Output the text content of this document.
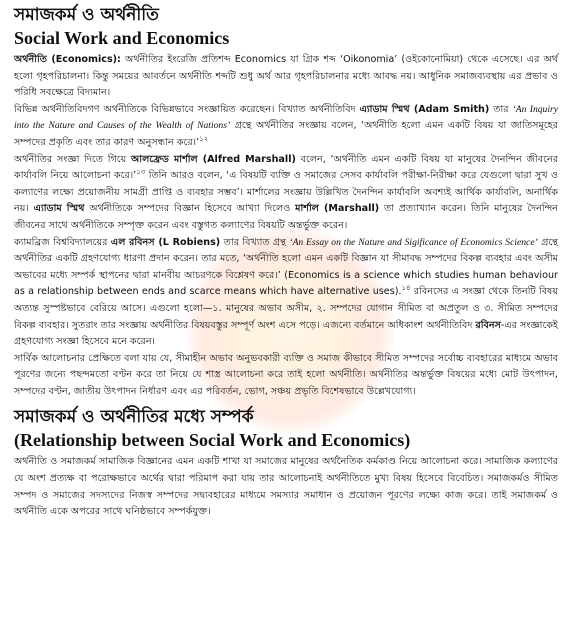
সমাজকর্ম ও অর্থনীতি
Social Work and Economics

অর্থনীতি (Economics): অর্থনীতির ইংরেজি প্রতিশব্দ Economics যা গ্রিক শব্দ ‘Oikonomia’ (ওইকোনোমিয়া) থেকে এসেছে। এর অর্থ হলো গৃহপরিচালনা। কিন্তু সময়ের আবর্তনে অর্থনীতি শব্দটি শুধু অর্থ আর গৃহপরিচালনার মধ্যে আবদ্ধ নয়। আধুনিক সমাজব্যবস্থায় এর প্রভাব ও পরিধি সবক্ষেত্রে বিদ্যমান।

বিভিন্ন অর্থনীতিবিদগণ অর্থনীতিকে বিভিন্নভাবে সংজ্ঞায়িত করেছেন। বিখ্যাত অর্থনীতিবিদ এ্যাডাম স্মিথ (Adam Smith) তার ‘An Inquiry into the Nature and Causes of the Wealth of Nations’ গ্রন্থে অর্থনীতির সংজ্ঞায় বলেন, ‘অর্থনীতি হলো এমন একটি বিষয় যা জাতিসমূহের সম্পদের প্রকৃতি এবং তার কারণ অনুসন্ধান করে।’$^{১২}$

অর্থনীতির সংজ্ঞা দিতে গিয়ে আলফ্রেড মার্শাল (Alfred Marshall) বলেন, ‘অর্থনীতি এমন একটি বিষয় যা মানুষের দৈনন্দিন জীবনের কার্যাবলি নিয়ে আলোচনা করে।’$^{১৩}$ তিনি আরও বলেন, ‘এ বিষয়টি ব্যক্তি ও সমাজের সেসব কার্যাবলি পরীক্ষা-নিরীক্ষা করে যেগুলো দ্বারা সুখ ও কল্যাণের লক্ষ্যে প্রয়োজনীয় সামগ্রী প্রাপ্তি ও ব্যবহার সম্ভব’। মার্শালের সংজ্ঞায় উল্লিখিত দৈনন্দিন কার্যাবলি অবশ্যই আর্থিক কার্যাবলি, অনার্থিক নয়। এ্যাডাম স্মিথ অর্থনীতিকে সম্পদের বিজ্ঞান হিসেবে আখ্যা দিলেও মার্শাল (Marshall) তা প্রত্যাখ্যান করেন। তিনি মানুষের দৈনন্দিন জীবনের সাথে অর্থনীতিকে সম্পৃক্ত করেন এবং বস্তুগত কল্যাণের বিষয়টি অন্তর্ভুক্ত করেন।

ক্যামব্রিজ বিশ্ববিদ্যালয়ের এল রবিনস (L Robiens) তার বিখ্যাত গ্রন্থ ‘An Essay on the Nature and Sigificance of Economics Science’ গ্রন্থে অর্থনীতির একটি গ্রহণযোগ্য ধারণা প্রদান করেন। তার মতে, ‘অর্থনীতি হলো এমন একটি বিজ্ঞান যা সীমাবদ্ধ সম্পদের বিকল্প ব্যবহার এবং অসীম অভাবের মধ্যে সম্পর্ক স্থাপনের দ্বারা মানবীয় আচরণকে বিশ্লেষণ করে।’ (Economics is a science which studies human behaviour as a relationship between ends and scarce means which have alternative uses).$^{১৪}$ রবিনসের এ সংজ্ঞা থেকে তিনটি বিষয় অত্যন্ত সুস্পষ্টভাবে বেরিয়ে আসে। এগুলো হলো—১. মানুষের অভাব অসীম, ২. সম্পদের যোগান সীমিত বা অপ্রতুল ও ৩. সীমিত সম্পদের বিকল্প ব্যবহার। সুতরাং তার সংজ্ঞায় অর্থনীতির বিষয়বস্তুর সম্পূর্ণ অংশ এসে পড়ে। এজন্যে বর্তমানে অধিকাংশ অর্থনীতিবিদ রবিনস-এর সংজ্ঞাকেই গ্রহণযোগ্য সংজ্ঞা হিসেবে মনে করেন।

সার্বিক আলোচনার প্রেক্ষিতে বলা যায় যে, সীমাহীন অভাব অনুভবকারী ব্যক্তি ও সমাজ কীভাবে সীমিত সম্পদের সর্বোচ্চ ব্যবহারের মাধ্যমে অভাব পূরণের জন্যে পছন্দমতো বণ্টন করে তা নিয়ে যে শাস্ত্র আলোচনা করে তাই হলো অর্থনীতি। অর্থনীতির অন্তর্ভুক্ত বিষয়ের মধ্যে মোট উৎপাদন, সম্পদের বণ্টন, জাতীয় উৎপাদন নির্ধারণ এবং এর পরিবর্তন, ভোগ, সঞ্চয় প্রভৃতি বিশেষভাবে উল্লেখযোগ্য।

সমাজকর্ম ও অর্থনীতির মধ্যে সম্পর্ক
(Relationship between Social Work and Economics)

অর্থনীতি ও সমাজকর্ম সামাজিক বিজ্ঞানের এমন একটি শাখা যা সমাজের মানুষের অর্থনৈতিক কর্মকাণ্ড নিয়ে আলোচনা করে। সামাজিক কল্যাণের যে অংশ প্রত্যক্ষ বা পরোক্ষভাবে অর্থের দ্বারা পরিমাপ করা যায় তার আলোচনাই অর্থনীতিতে মুখ্য বিষয় হিসেবে বিবেচিত। সমাজকর্মও সীমিত সম্পদ ও সমাজের সদস্যদের নিজস্ব সম্পদের সদ্ব্যবহারের মাধ্যমে সমস্যার সমাধান ও প্রয়োজন পূরণের লক্ষ্যে কাজ করে। তাই সমাজকর্ম ও অর্থনীতি একে অপরের সাথে ঘনিষ্ঠভাবে সম্পর্কযুক্ত।
